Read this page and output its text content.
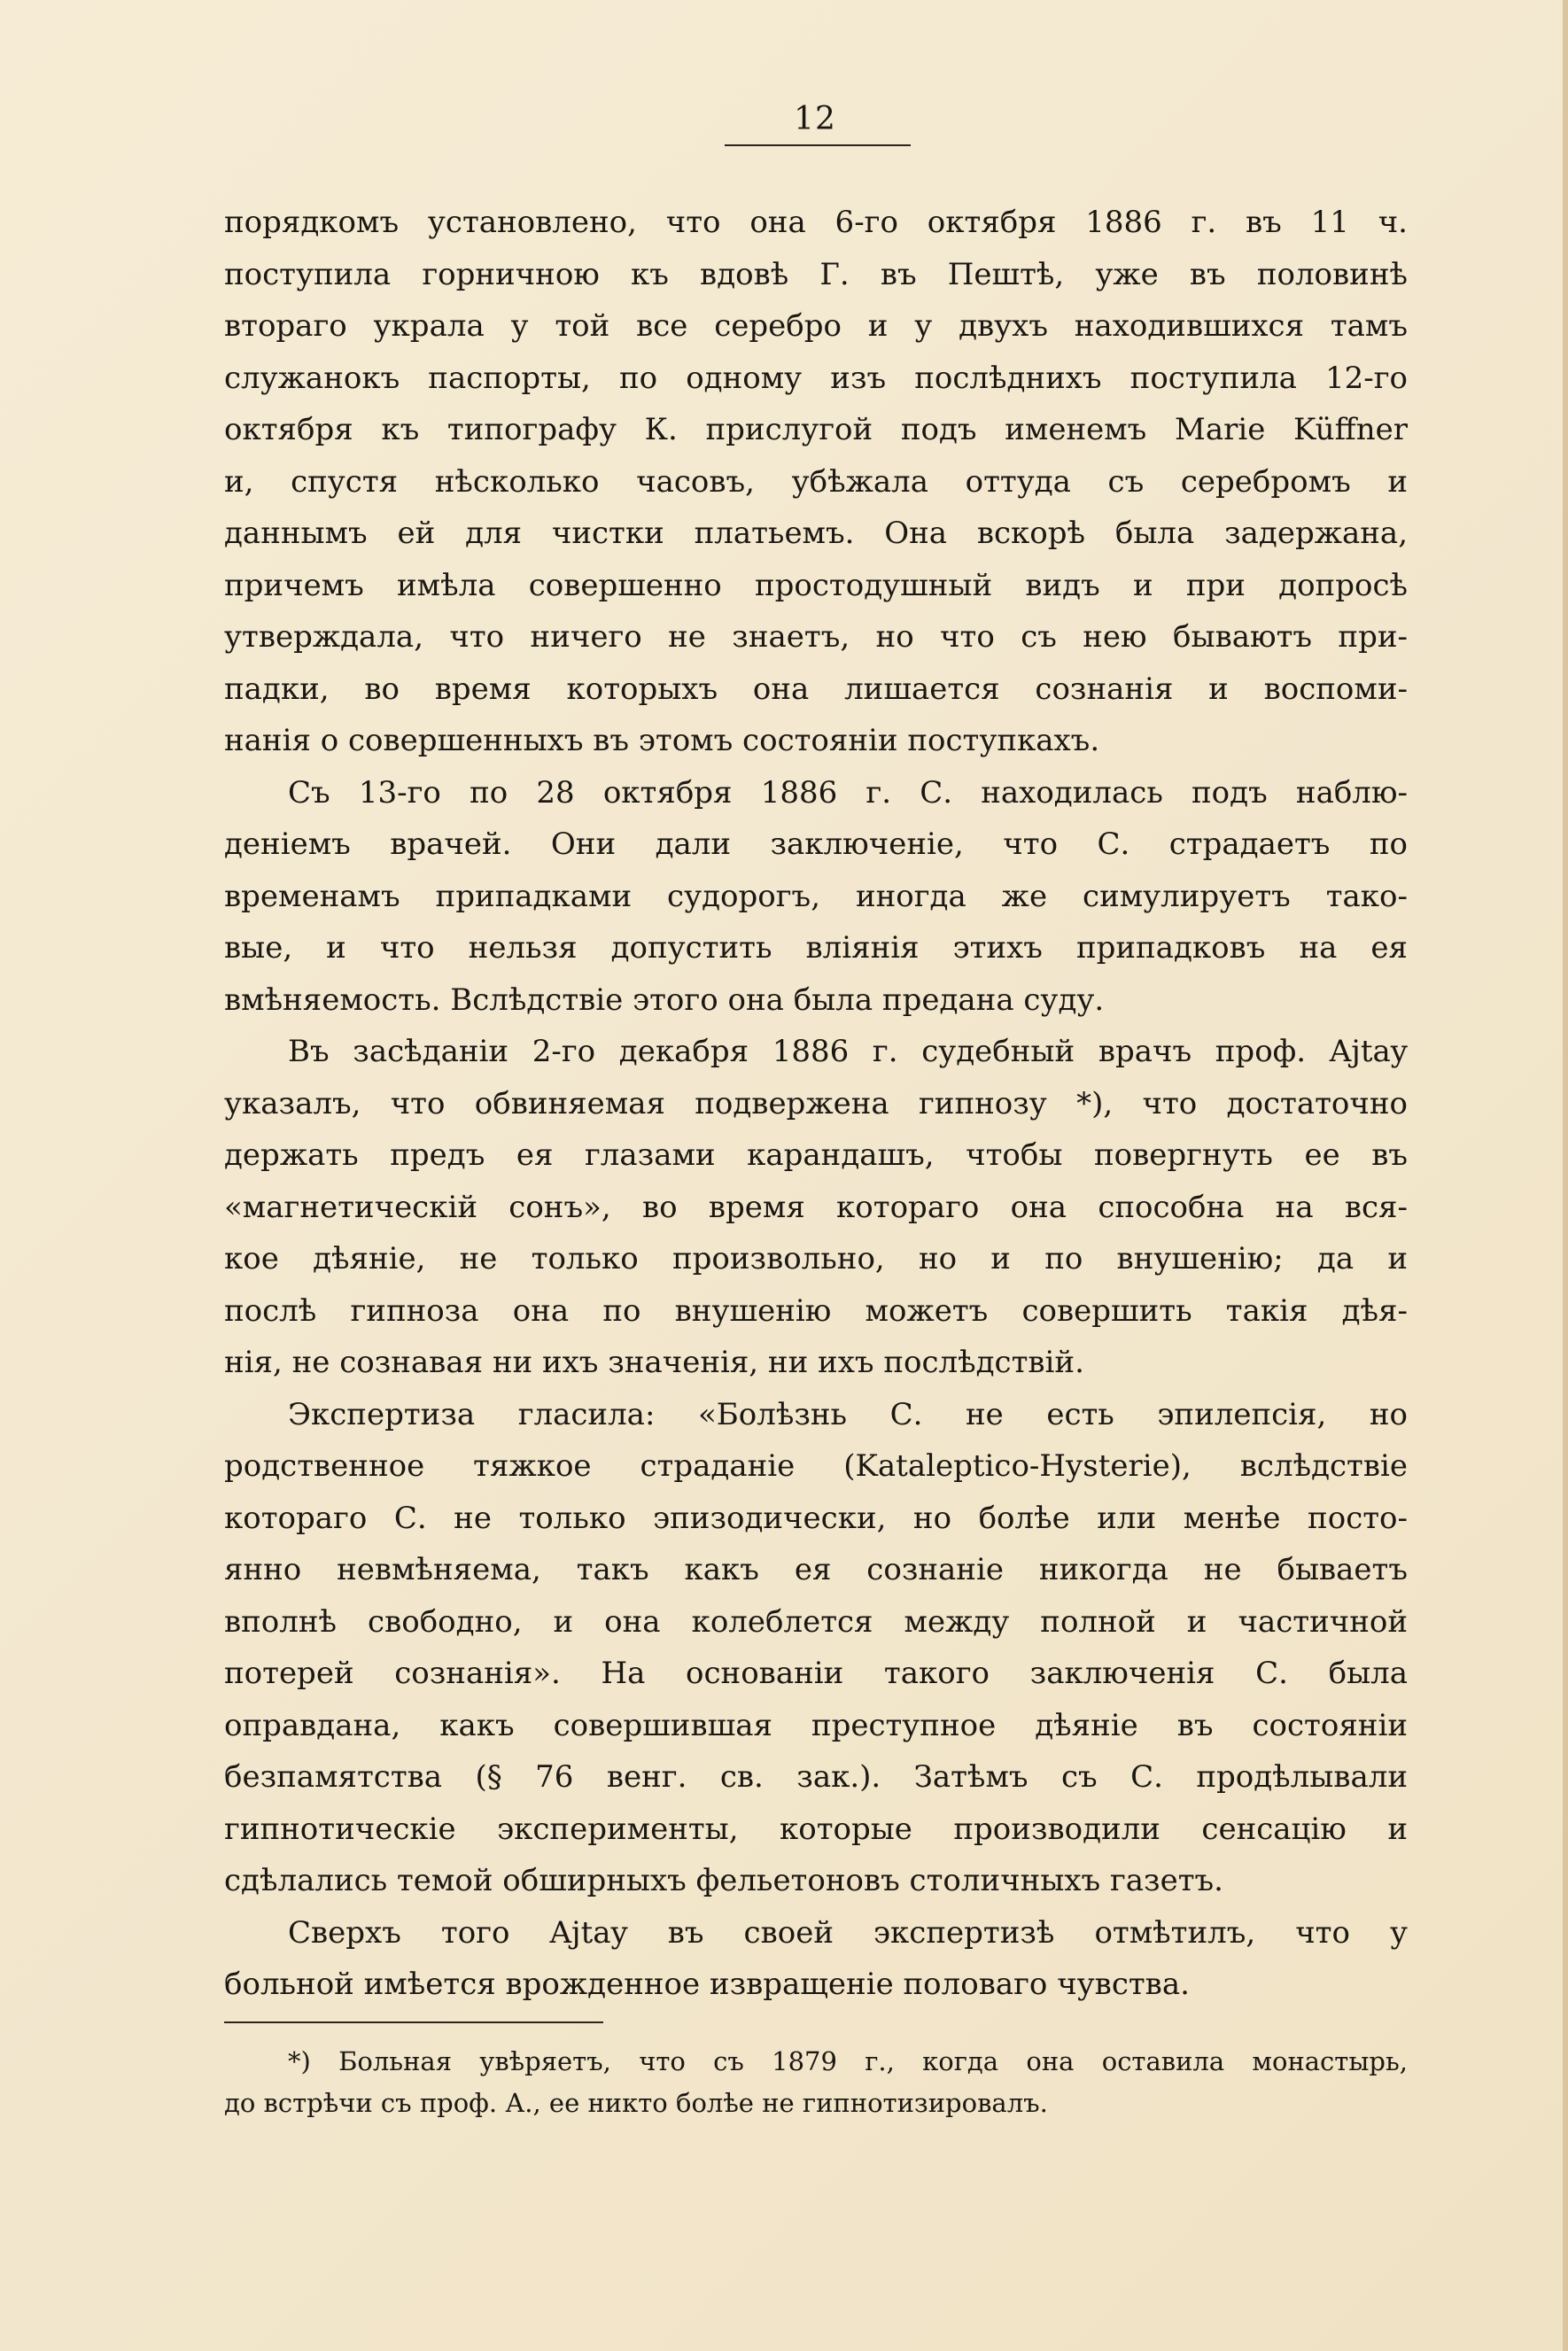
12

порядкомъ установлено, что она 6-го октября 1886 г. въ 11 ч.
поступила горничною къ вдовѣ Г. въ Пештѣ, уже въ половинѣ
втораго украла у той все серебро и у двухъ находившихся тамъ
служанокъ паспорты, по одному изъ послѣднихъ поступила 12-го
октября къ типографу К. прислугой подъ именемъ Marie Küffner
и, спустя нѣсколько часовъ, убѣжала оттуда съ серебромъ и
даннымъ ей для чистки платьемъ. Она вскорѣ была задержана,
причемъ имѣла совершенно простодушный видъ и при допросѣ
утверждала, что ничего не знаетъ, но что съ нею бываютъ при-
падки, во время которыхъ она лишается сознанія и воспоми-
нанія о совершенныхъ въ этомъ состояніи поступкахъ.

Съ 13-го по 28 октября 1886 г. С. находилась подъ наблю-
деніемъ врачей. Они дали заключеніе, что С. страдаетъ по
временамъ припадками судорогъ, иногда же симулируетъ тако-
вые, и что нельзя допустить вліянія этихъ припадковъ на ея
вмѣняемость. Вслѣдствіе этого она была предана суду.

Въ засѣданіи 2-го декабря 1886 г. судебный врачъ проф. Ajtay
указалъ, что обвиняемая подвержена гипнозу *), что достаточно
держать предъ ея глазами карандашъ, чтобы повергнуть ее въ
«магнетическій сонъ», во время котораго она способна на вся-
кое дѣяніе, не только произвольно, но и по внушенію; да и
послѣ гипноза она по внушенію можетъ совершить такія дѣя-
нія, не сознавая ни ихъ значенія, ни ихъ послѣдствій.

Экспертиза гласила: «Болѣзнь С. не есть эпилепсія, но
родственное тяжкое страданіе (Katalepticо-Hysterie), вслѣдствіе
котораго С. не только эпизодически, но болѣе или менѣе посто-
янно невмѣняема, такъ какъ ея сознаніе никогда не бываетъ
вполнѣ свободно, и она колеблется между полной и частичной
потерей сознанія». На основаніи такого заключенія С. была
оправдана, какъ совершившая преступное дѣяніе въ состояніи
безпамятства (§ 76 венг. св. зак.). Затѣмъ съ С. продѣлывали
гипнотическіе эксперименты, которые производили сенсацію и
сдѣлались темой обширныхъ фельетоновъ столичныхъ газетъ.

Сверхъ того Ajtay въ своей экспертизѣ отмѣтилъ, что у
больной имѣется врожденное извращеніе половаго чувства.

*) Больная увѣряетъ, что съ 1879 г., когда она оставила монастырь,
до встрѣчи съ проф. А., ее никто болѣе не гипнотизировалъ.
